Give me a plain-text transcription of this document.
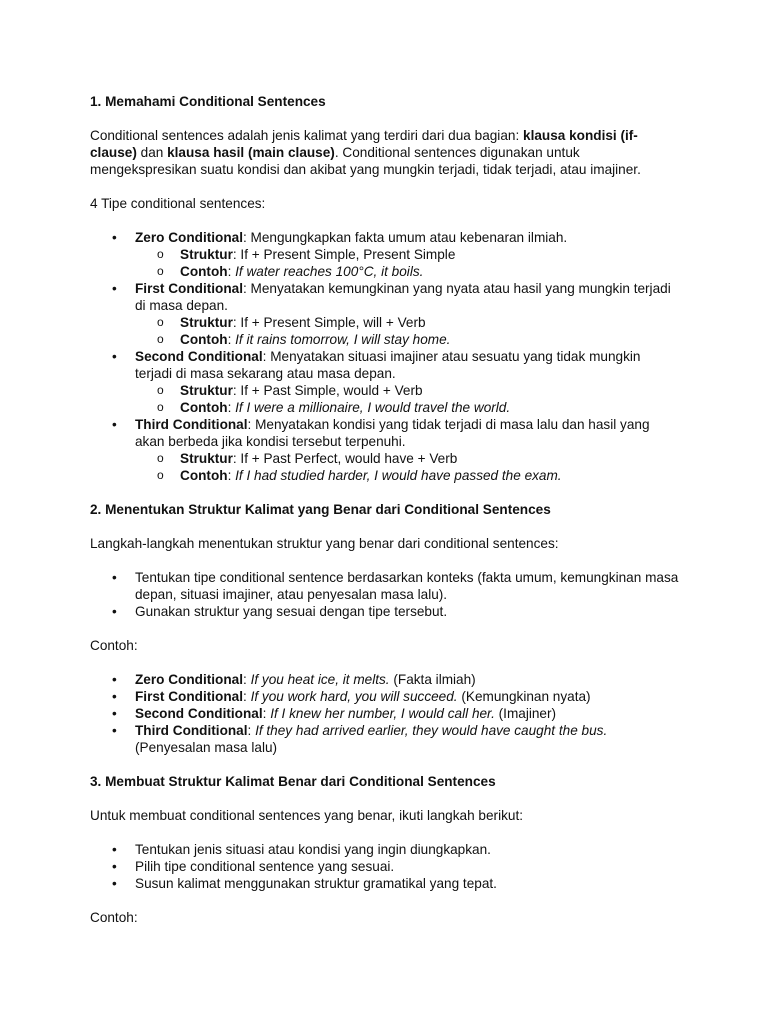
1. Memahami Conditional Sentences

Conditional sentences adalah jenis kalimat yang terdiri dari dua bagian: klausa kondisi (if-clause) dan klausa hasil (main clause). Conditional sentences digunakan untuk mengekspresikan suatu kondisi dan akibat yang mungkin terjadi, tidak terjadi, atau imajiner.

4 Tipe conditional sentences:

• Zero Conditional: Mengungkapkan fakta umum atau kebenaran ilmiah.
o Struktur: If + Present Simple, Present Simple
o Contoh: If water reaches 100°C, it boils.
• First Conditional: Menyatakan kemungkinan yang nyata atau hasil yang mungkin terjadi di masa depan.
o Struktur: If + Present Simple, will + Verb
o Contoh: If it rains tomorrow, I will stay home.
• Second Conditional: Menyatakan situasi imajiner atau sesuatu yang tidak mungkin terjadi di masa sekarang atau masa depan.
o Struktur: If + Past Simple, would + Verb
o Contoh: If I were a millionaire, I would travel the world.
• Third Conditional: Menyatakan kondisi yang tidak terjadi di masa lalu dan hasil yang akan berbeda jika kondisi tersebut terpenuhi.
o Struktur: If + Past Perfect, would have + Verb
o Contoh: If I had studied harder, I would have passed the exam.
2. Menentukan Struktur Kalimat yang Benar dari Conditional Sentences

Langkah-langkah menentukan struktur yang benar dari conditional sentences:

• Tentukan tipe conditional sentence berdasarkan konteks (fakta umum, kemungkinan masa depan, situasi imajiner, atau penyesalan masa lalu).
• Gunakan struktur yang sesuai dengan tipe tersebut.

Contoh:

• Zero Conditional: If you heat ice, it melts. (Fakta ilmiah)
• First Conditional: If you work hard, you will succeed. (Kemungkinan nyata)
• Second Conditional: If I knew her number, I would call her. (Imajiner)
• Third Conditional: If they had arrived earlier, they would have caught the bus. (Penyesalan masa lalu)
3. Membuat Struktur Kalimat Benar dari Conditional Sentences

Untuk membuat conditional sentences yang benar, ikuti langkah berikut:

• Tentukan jenis situasi atau kondisi yang ingin diungkapkan.
• Pilih tipe conditional sentence yang sesuai.
• Susun kalimat menggunakan struktur gramatikal yang tepat.

Contoh:
